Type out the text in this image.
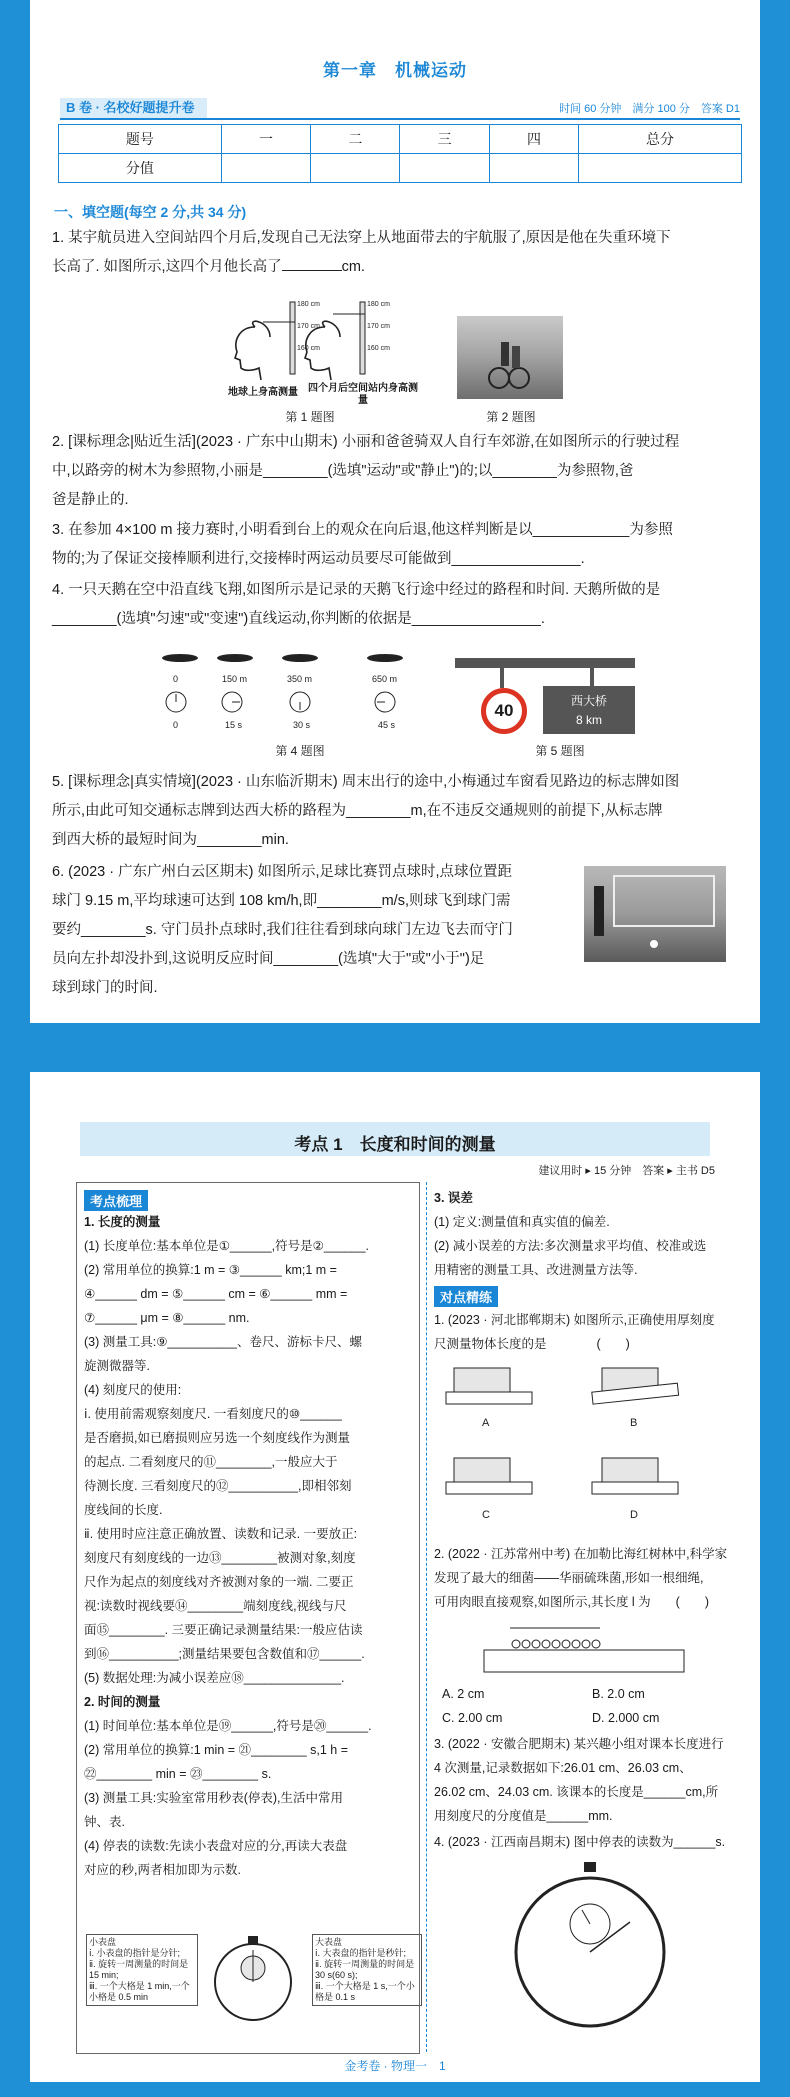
第一章　机械运动
B 卷 · 名校好题提升卷	时间 60 分钟　满分 100 分　答案 D1
题号	一	二	三	四	总分
分值					
一、填空题(每空 2 分,共 34 分)
1. 某宇航员进入空间站四个月后,发现自己无法穿上从地面带去的宇航服了,原因是他在失重环境下
长高了. 如图所示,这四个月他长高了	cm.
180 cm
170 cm
160 cm
180 cm
170 cm
160 cm
地球上身高测量	四个月后空间站内身高测量
第 1 题图	第 2 题图
2. [课标理念|贴近生活](2023 · 广东中山期末) 小丽和爸爸骑双人自行车郊游,在如图所示的行驶过程
中,以路旁的树木为参照物,小丽是________(选填"运动"或"静止")的;以________为参照物,爸
爸是静止的.
3. 在参加 4×100 m 接力赛时,小明看到台上的观众在向后退,他这样判断是以____________为参照
物的;为了保证交接棒顺利进行,交接棒时两运动员要尽可能做到________________.
4. 一只天鹅在空中沿直线飞翔,如图所示是记录的天鹅飞行途中经过的路程和时间. 天鹅所做的是
________(选填"匀速"或"变速")直线运动,你判断的依据是________________.
0	150 m	350 m	650 m
0	15 s	30 s	45 s
第 4 题图
40	西大桥
8 km
第 5 题图
5. [课标理念|真实情境](2023 · 山东临沂期末) 周末出行的途中,小梅通过车窗看见路边的标志牌如图
所示,由此可知交通标志牌到达西大桥的路程为________m,在不违反交通规则的前提下,从标志牌
到西大桥的最短时间为________min.
6. (2023 · 广东广州白云区期末) 如图所示,足球比赛罚点球时,点球位置距
球门 9.15 m,平均球速可达到 108 km/h,即________m/s,则球飞到球门需
要约________s. 守门员扑点球时,我们往往看到球向球门左边飞去而守门
员向左扑却没扑到,这说明反应时间________(选填"大于"或"小于")足
球到球门的时间.
考点 1　长度和时间的测量
建议用时 ▸ 15 分钟　答案 ▸ 主书 D5
考点梳理
1. 长度的测量
(1) 长度单位:基本单位是①______,符号是②______.
(2) 常用单位的换算:1 m = ③______ km;1 m =
④______ dm = ⑤______ cm = ⑥______ mm =
⑦______ μm = ⑧______ nm.
(3) 测量工具:⑨__________、卷尺、游标卡尺、螺
旋测微器等.
(4) 刻度尺的使用:
ⅰ. 使用前需观察刻度尺. 一看刻度尺的⑩______
是否磨损,如已磨损则应另选一个刻度线作为测量
的起点. 二看刻度尺的⑪________,一般应大于
待测长度. 三看刻度尺的⑫__________,即相邻刻
度线间的长度.
ⅱ. 使用时应注意正确放置、读数和记录. 一要放正:
刻度尺有刻度线的一边⑬________被测对象,刻度
尺作为起点的刻度线对齐被测对象的一端. 二要正
视:读数时视线要⑭________端刻度线,视线与尺
面⑮________. 三要正确记录测量结果:一般应估读
到⑯__________;测量结果要包含数值和⑰______.
(5) 数据处理:为减小误差应⑱______________.
2. 时间的测量
(1) 时间单位:基本单位是⑲______,符号是⑳______.
(2) 常用单位的换算:1 min = ㉑________ s,1 h =
㉒________ min = ㉓________ s.
(3) 测量工具:实验室常用秒表(停表),生活中常用
钟、表.
(4) 停表的读数:先读小表盘对应的分,再读大表盘
对应的秒,两者相加即为示数.
小表盘
ⅰ. 小表盘的指针是分针;
ⅱ. 旋转一周测量的时间是 15 min;
ⅲ. 一个大格是 1 min,一个小格是 0.5 min
大表盘
ⅰ. 大表盘的指针是秒针;
ⅱ. 旋转一周测量的时间是 30 s(60 s);
ⅲ. 一个大格是 1 s,一个小格是 0.1 s
3. 误差
(1) 定义:测量值和真实值的偏差.
(2) 减小误差的方法:多次测量求平均值、校准或选
用精密的测量工具、改进测量方法等.
对点精练
1. (2023 · 河北邯郸期末) 如图所示,正确使用厚刻度
尺测量物体长度的是　　　　(　　)
A	B
C	D
2. (2022 · 江苏常州中考) 在加勒比海红树林中,科学家
发现了最大的细菌——华丽硫珠菌,形如一根细绳,
可用肉眼直接观察,如图所示,其长度 l 为　　(　　)
A. 2 cm	B. 2.0 cm
C. 2.00 cm	D. 2.000 cm
3. (2022 · 安徽合肥期末) 某兴趣小组对课本长度进行
4 次测量,记录数据如下:26.01 cm、26.03 cm、
26.02 cm、24.03 cm. 该课本的长度是______cm,所
用刻度尺的分度值是______mm.
4. (2023 · 江西南昌期末) 图中停表的读数为______s.
金考卷 · 物理一　1
